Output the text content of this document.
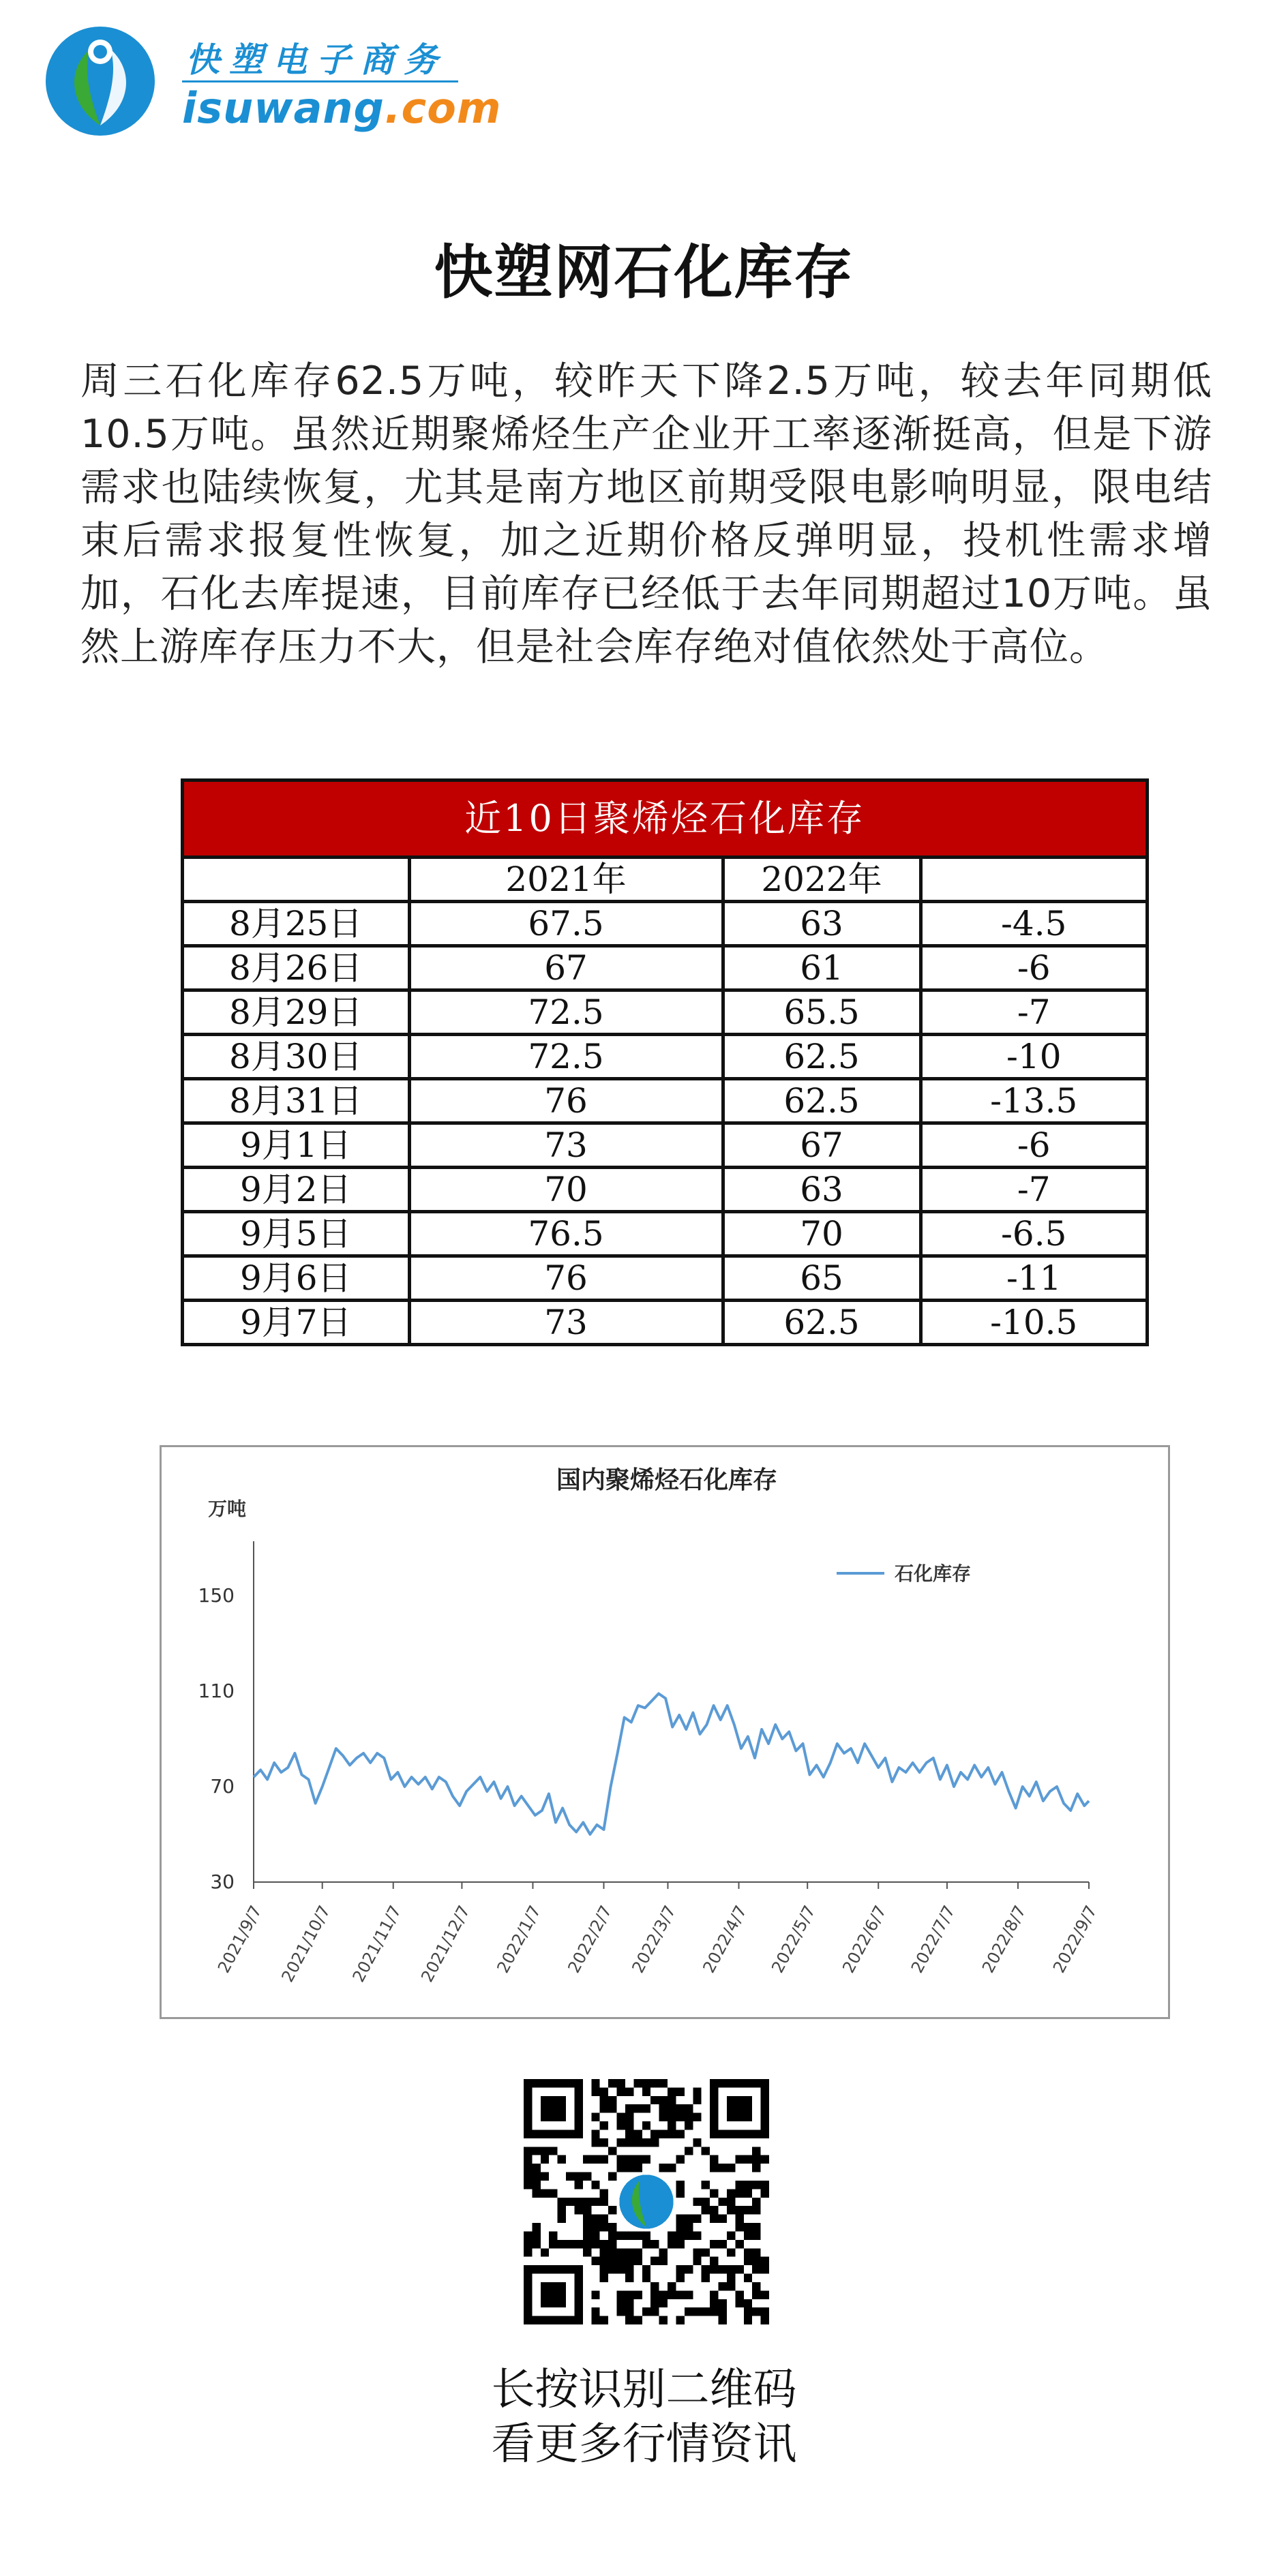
快塑电子商务
isuwang.com
快塑网石化库存
周三石化库存62.5万吨，较昨天下降2.5万吨，较去年同期低10.5万吨。虽然近期聚烯烃生产企业开工率逐渐挺高，但是下游需求也陆续恢复，尤其是南方地区前期受限电影响明显，限电结束后需求报复性恢复，加之近期价格反弹明显，投机性需求增加，石化去库提速，目前库存已经低于去年同期超过10万吨。虽然上游库存压力不大，但是社会库存绝对值依然处于高位。
近10日聚烯烃石化库存
	2021年	2022年	
8月25日	67.5	63	-4.5
8月26日	67	61	-6
8月29日	72.5	65.5	-7
8月30日	72.5	62.5	-10
8月31日	76	62.5	-13.5
9月1日	73	67	-6
9月2日	70	63	-7
9月5日	76.5	70	-6.5
9月6日	76	65	-11
9月7日	73	62.5	-10.5
国内聚烯烃石化库存
万吨
30
70
110
150
2021/9/7 2021/10/7 2021/11/7 2021/12/7 2022/1/7 2022/2/7 2022/3/7 2022/4/7 2022/5/7 2022/6/7 2022/7/7 2022/8/7 2022/9/7
石化库存
长按识别二维码
看更多行情资讯
